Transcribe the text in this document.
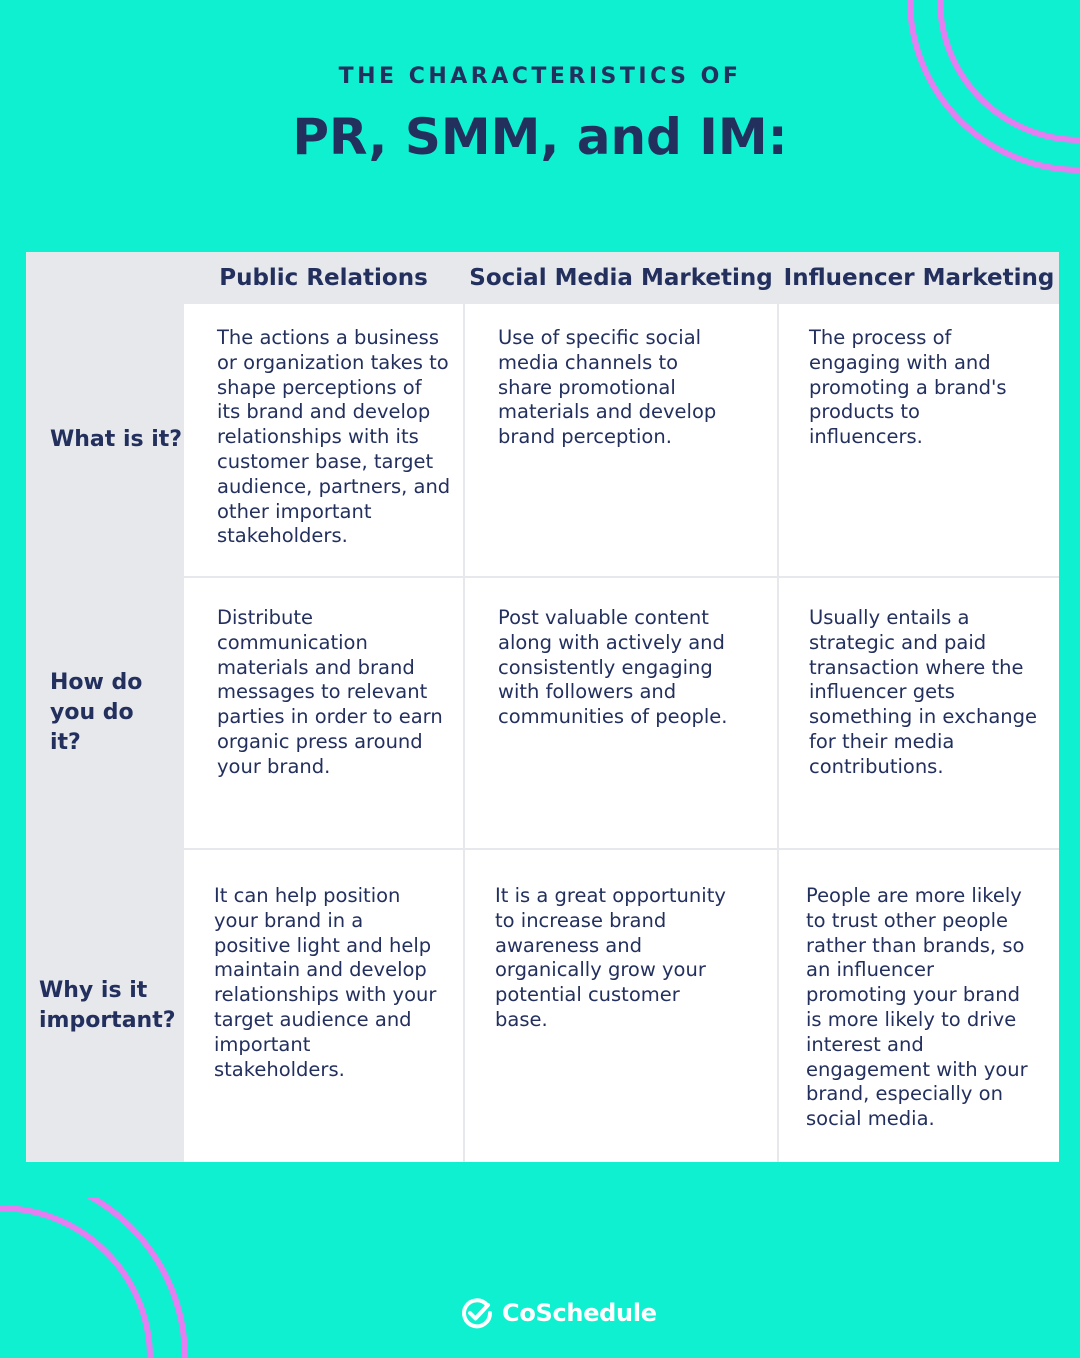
THE CHARACTERISTICS OF
PR, SMM, and IM:
Public Relations	Social Media Marketing Influencer Marketing
What is it?
How do you do it?
Why is it important?
The actions a business or organization takes to shape perceptions of its brand and develop relationships with its customer base, target audience, partners, and other important stakeholders.
Use of specific social media channels to share promotional materials and develop brand perception.
The process of engaging with and promoting a brand's products to influencers.
Distribute communication materials and brand messages to relevant parties in order to earn organic press around your brand.
Post valuable content along with actively and consistently engaging with followers and communities of people.
Usually entails a strategic and paid transaction where the influencer gets something in exchange for their media contributions.
It can help position your brand in a positive light and help maintain and develop relationships with your target audience and important stakeholders.
It is a great opportunity to increase brand awareness and organically grow your potential customer base.
People are more likely to trust other people rather than brands, so an influencer promoting your brand is more likely to drive interest and engagement with your brand, especially on social media.
CoSchedule
